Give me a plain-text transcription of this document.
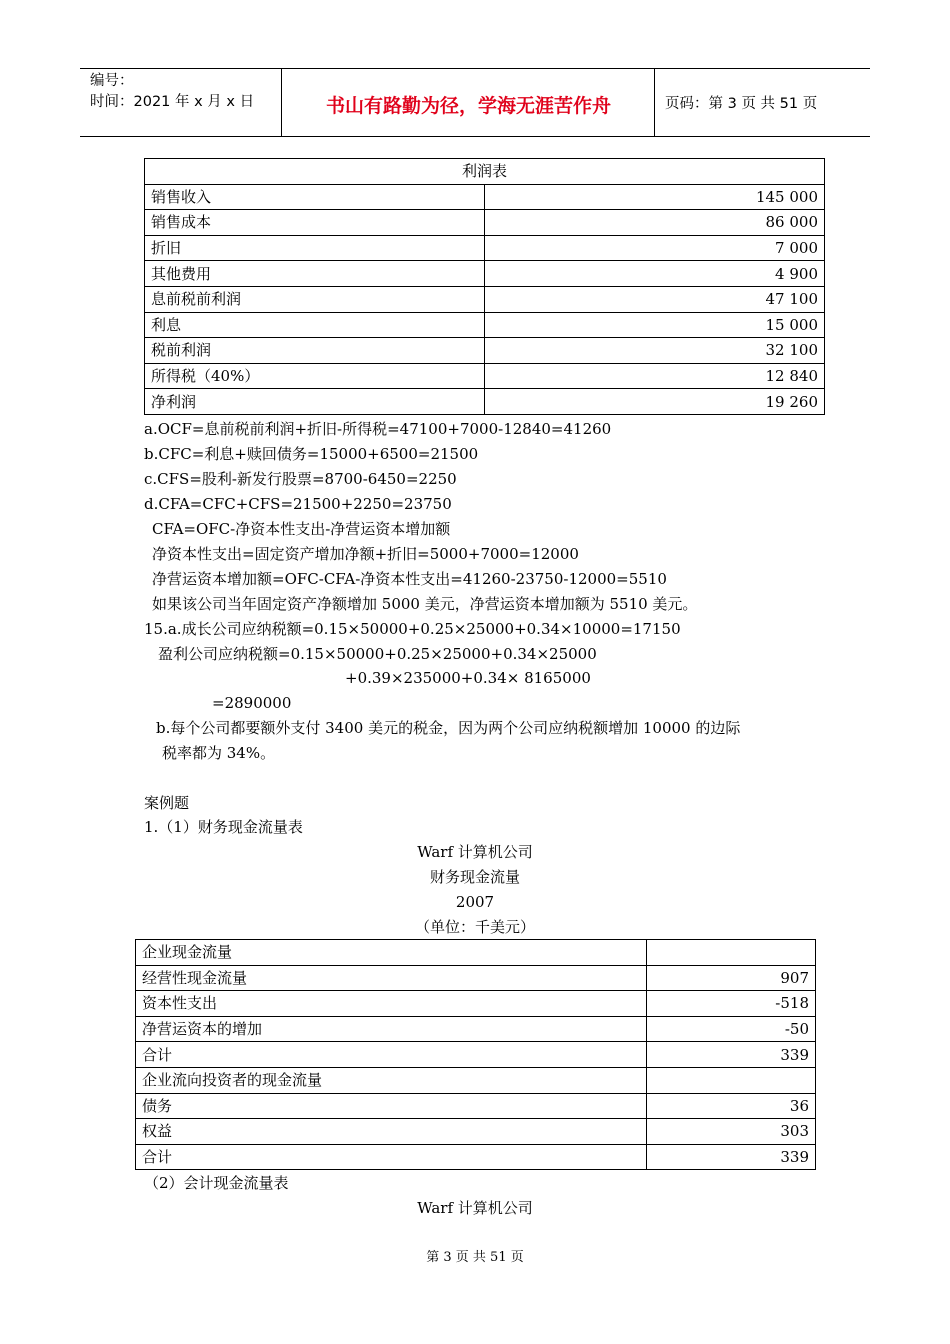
编号：
时间：2021 年 x 月 x 日	书山有路勤为径，学海无涯苦作舟	页码：第 3 页 共 51 页
利润表	
销售收入	145 000
销售成本	86 000
折旧	7 000
其他费用	4 900
息前税前利润	47 100
利息	15 000
税前利润	32 100
所得税（40%）	12 840
净利润	19 260
a.OCF=息前税前利润+折旧-所得税=47100+7000-12840=41260
b.CFC=利息+赎回债务=15000+6500=21500
c.CFS=股利-新发行股票=8700-6450=2250
d.CFA=CFC+CFS=21500+2250=23750
CFA=OFC-净资本性支出-净营运资本增加额
净资本性支出=固定资产增加净额+折旧=5000+7000=12000
净营运资本增加额=OFC-CFA-净资本性支出=41260-23750-12000=5510
如果该公司当年固定资产净额增加 5000 美元，净营运资本增加额为 5510 美元。
15.a.成长公司应纳税额=0.15×50000+0.25×25000+0.34×10000=17150
盈利公司应纳税额=0.15×50000+0.25×25000+0.34×25000
+0.39×235000+0.34× 8165000
=2890000
b.每个公司都要额外支付 3400 美元的税金，因为两个公司应纳税额增加 10000 的边际
税率都为 34%。
案例题
1.（1）财务现金流量表
Warf 计算机公司
财务现金流量
2007
（单位：千美元）
企业现金流量	
经营性现金流量	907
资本性支出	-518
净营运资本的增加	-50
合计	339
企业流向投资者的现金流量	
债务	36
权益	303
合计	339
（2）会计现金流量表
Warf 计算机公司
第 3 页 共 51 页
